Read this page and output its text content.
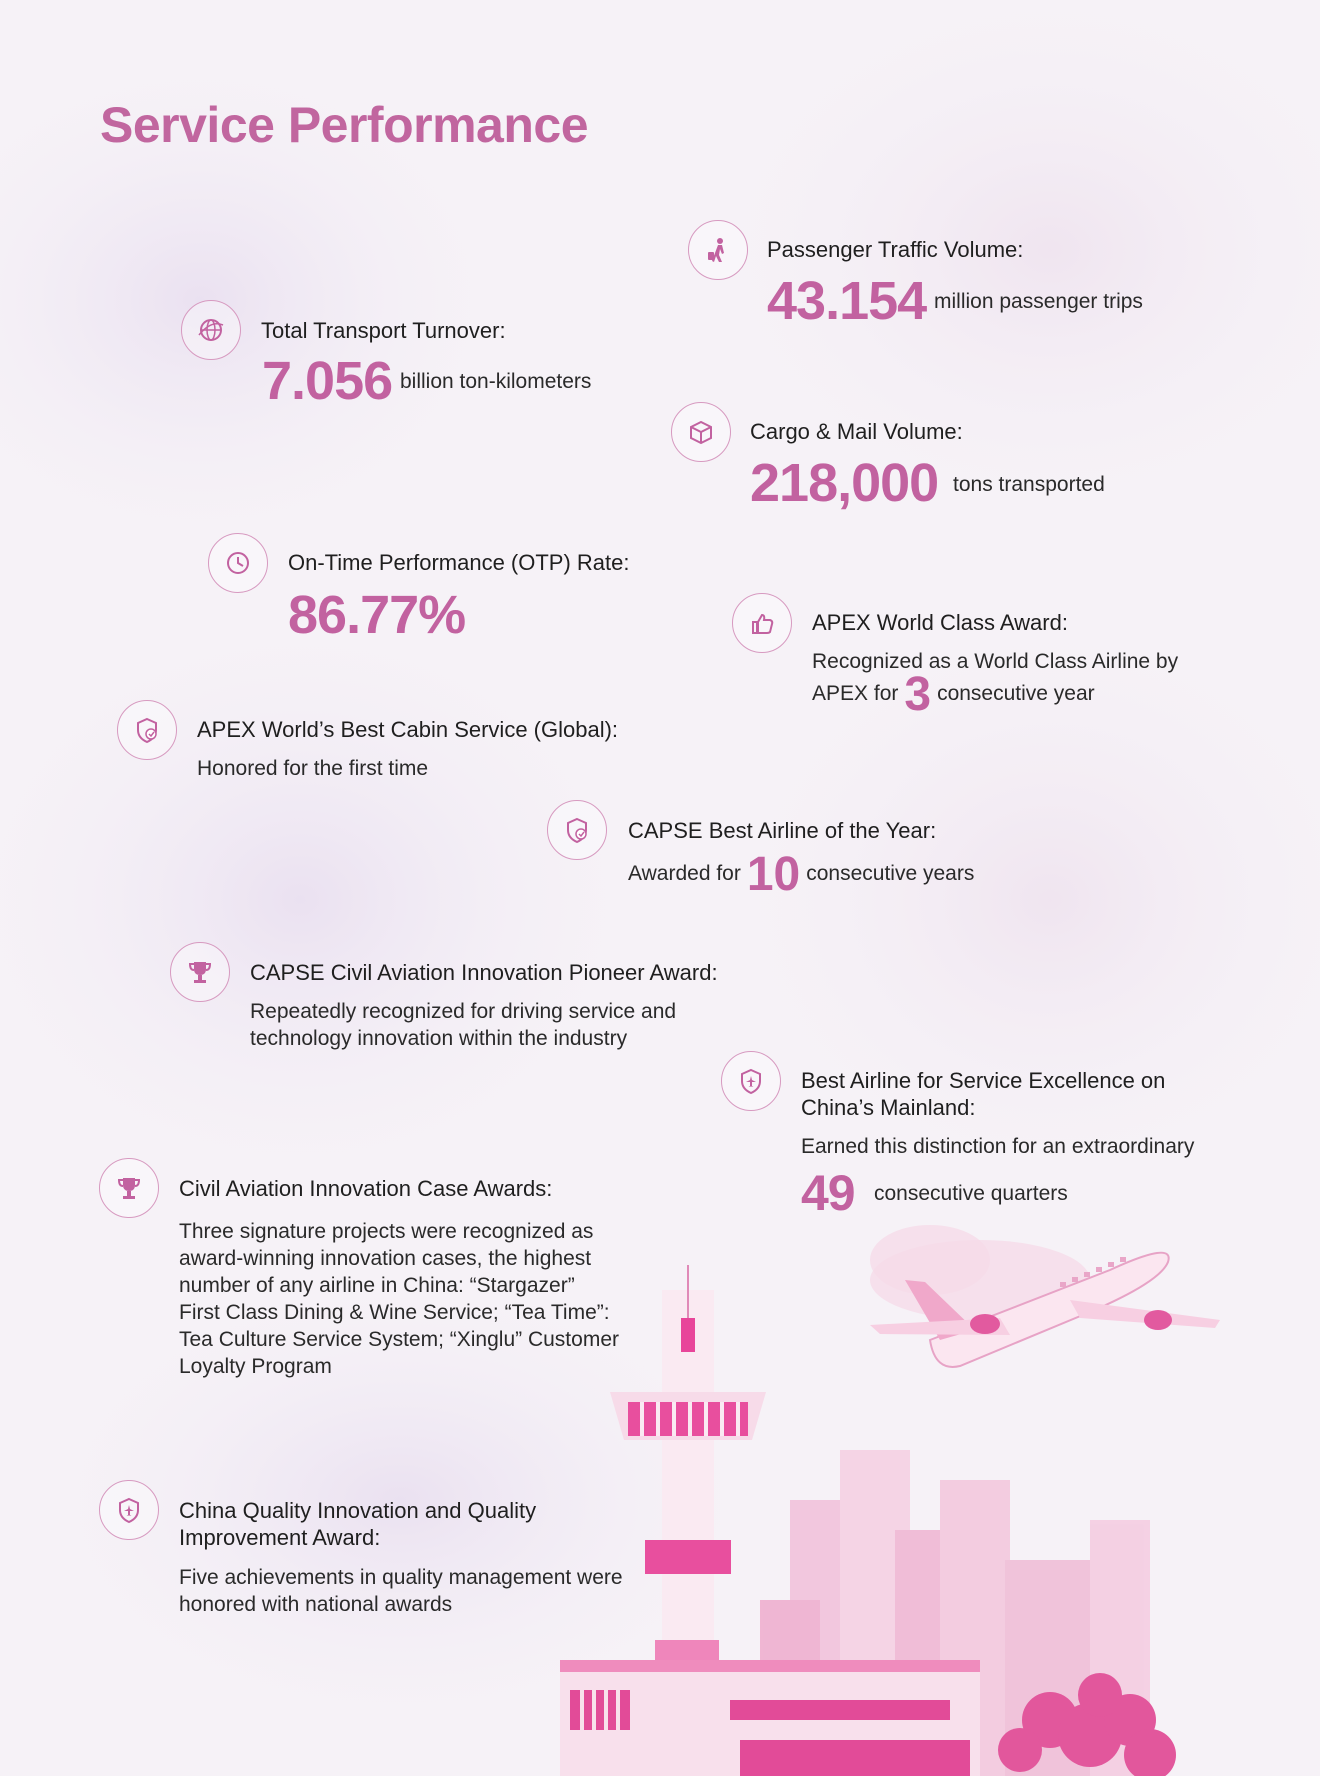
Service Performance
Passenger Traffic Volume:
43.154 million passenger trips
Total Transport Turnover:
7.056 billion ton-kilometers
Cargo & Mail Volume:
218,000 tons transported
On-Time Performance (OTP) Rate:
86.77%	APEX World Class Award:
Recognized as a World Class Airline by
APEX for 3 consecutive year
APEX World’s Best Cabin Service (Global):
Honored for the first time
CAPSE Best Airline of the Year:
Awarded for 10 consecutive years
CAPSE Civil Aviation Innovation Pioneer Award:
Repeatedly recognized for driving service and
technology innovation within the industry
Best Airline for Service Excellence on
China’s Mainland:
Earned this distinction for an extraordinary
49 consecutive quarters
Civil Aviation Innovation Case Awards:
Three signature projects were recognized as
award-winning innovation cases, the highest
number of any airline in China: “Stargazer”
First Class Dining & Wine Service; “Tea Time”:
Tea Culture Service System; “Xinglu” Customer
Loyalty Program
China Quality Innovation and Quality
Improvement Award:
Five achievements in quality management were
honored with national awards
